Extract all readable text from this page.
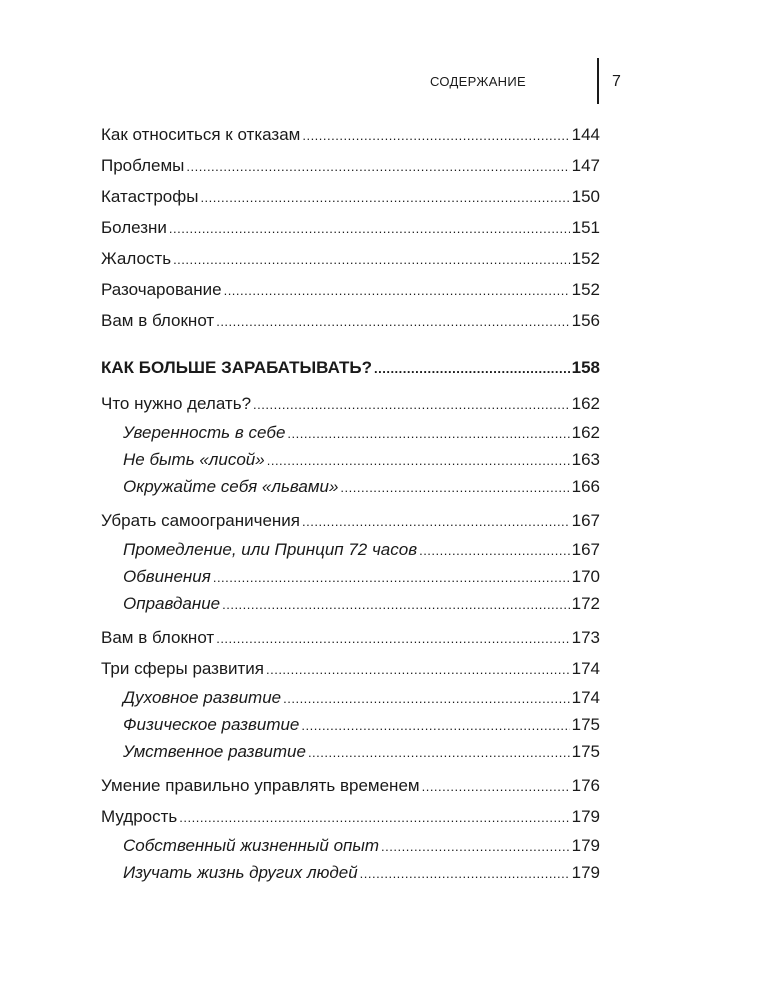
СОДЕРЖАНИЕ	7
Как относиться к отказам .....	144
Проблемы .....	147
Катастрофы .....	150
Болезни .....	151
Жалость .....	152
Разочарование .....	152
Вам в блокнот .....	156
КАК БОЛЬШЕ ЗАРАБАТЫВАТЬ? .....	158
Что нужно делать? .....	162
Уверенность в себе .....	162
Не быть «лисой» .....	163
Окружайте себя «львами» .....	166
Убрать самоограничения .....	167
Промедление, или Принцип 72 часов .....	167
Обвинения .....	170
Оправдание .....	172
Вам в блокнот .....	173
Три сферы развития .....	174
Духовное развитие .....	174
Физическое развитие .....	175
Умственное развитие .....	175
Умение правильно управлять временем .....	176
Мудрость .....	179
Собственный жизненный опыт .....	179
Изучать жизнь других людей .....	179
